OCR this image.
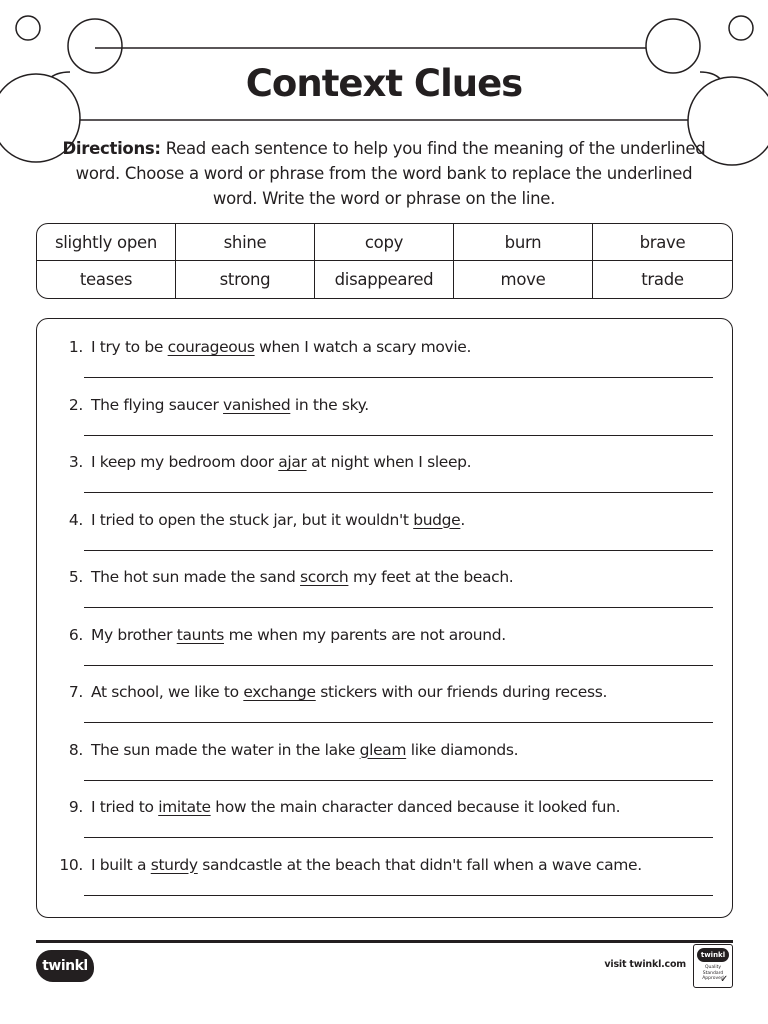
Context Clues
Directions: Read each sentence to help you find the meaning of the underlined word. Choose a word or phrase from the word bank to replace the underlined word. Write the word or phrase on the line.
slightly open	shine	copy	burn	brave
teases	strong	disappeared	move	trade
1. I try to be courageous when I watch a scary movie.
2. The flying saucer vanished in the sky.
3. I keep my bedroom door ajar at night when I sleep.
4. I tried to open the stuck jar, but it wouldn't budge.
5. The hot sun made the sand scorch my feet at the beach.
6. My brother taunts me when my parents are not around.
7. At school, we like to exchange stickers with our friends during recess.
8. The sun made the water in the lake gleam like diamonds.
9. I tried to imitate how the main character danced because it looked fun.
10. I built a sturdy sandcastle at the beach that didn't fall when a wave came.
twinkl	visit twinkl.com
twinkl
Quality Standard Approved
✓
